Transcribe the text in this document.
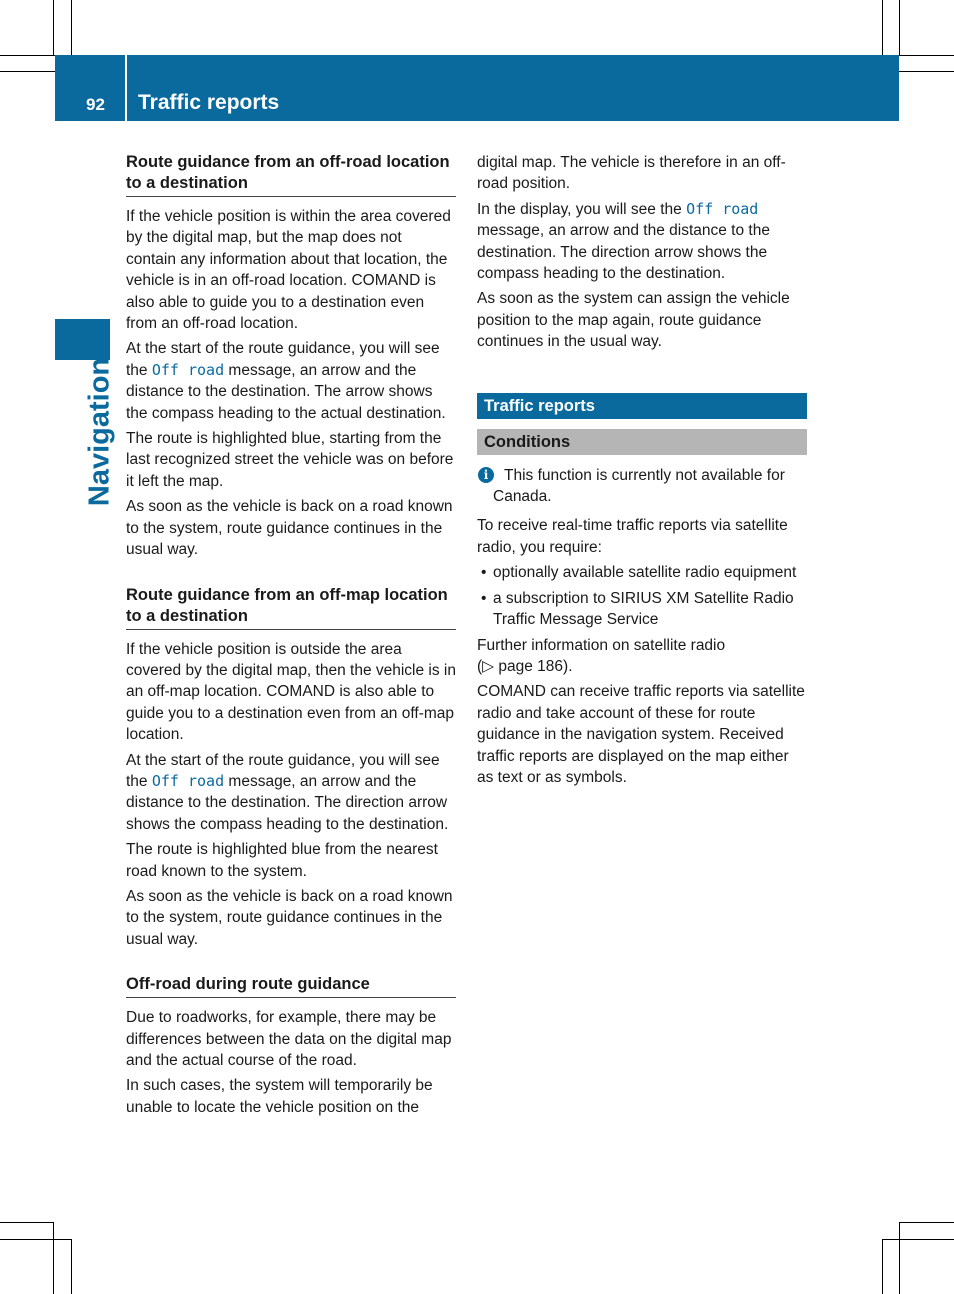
92 Traffic reports
Navigation
Route guidance from an off-road location to a destination

If the vehicle position is within the area covered by the digital map, but the map does not contain any information about that location, the vehicle is in an off-road location. COMAND is also able to guide you to a destination even from an off-road location.

At the start of the route guidance, you will see the Off road message, an arrow and the distance to the destination. The arrow shows the compass heading to the actual destination.

The route is highlighted blue, starting from the last recognized street the vehicle was on before it left the map.

As soon as the vehicle is back on a road known to the system, route guidance continues in the usual way.

Route guidance from an off-map location to a destination

If the vehicle position is outside the area covered by the digital map, then the vehicle is in an off-map location. COMAND is also able to guide you to a destination even from an off-map location.

At the start of the route guidance, you will see the Off road message, an arrow and the distance to the destination. The direction arrow shows the compass heading to the destination.

The route is highlighted blue from the nearest road known to the system.

As soon as the vehicle is back on a road known to the system, route guidance continues in the usual way.

Off-road during route guidance

Due to roadworks, for example, there may be differences between the data on the digital map and the actual course of the road.

In such cases, the system will temporarily be unable to locate the vehicle position on the

digital map. The vehicle is therefore in an off-road position.

In the display, you will see the Off road message, an arrow and the distance to the destination. The direction arrow shows the compass heading to the destination.

As soon as the system can assign the vehicle position to the map again, route guidance continues in the usual way.

Traffic reports
Conditions
i	This function is currently not available for Canada.

To receive real-time traffic reports via satellite radio, you require:

• optionally available satellite radio equipment
• a subscription to SIRIUS XM Satellite Radio Traffic Message Service

Further information on satellite radio
(▷ page 186).

COMAND can receive traffic reports via satellite radio and take account of these for route guidance in the navigation system. Received traffic reports are displayed on the map either as text or as symbols.
